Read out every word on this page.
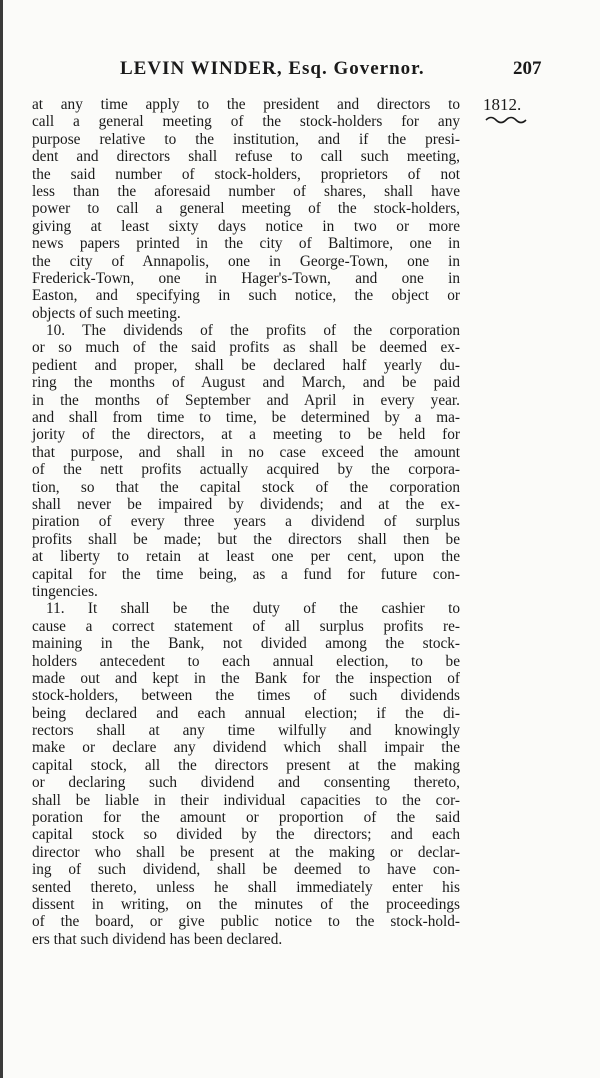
LEVIN WINDER, Esq. Governor.	207
1812.
at any time apply to the president and directors to
call a general meeting of the stock-holders for any
purpose relative to the institution, and if the presi-
dent and directors shall refuse to call such meeting,
the said number of stock-holders, proprietors of not
less than the aforesaid number of shares, shall have
power to call a general meeting of the stock-holders,
giving at least sixty days notice in two or more
news papers printed in the city of Baltimore, one in
the city of Annapolis, one in George-Town, one in
Frederick-Town, one in Hager's-Town, and one in
Easton, and specifying in such notice, the object or
objects of such meeting.
10. The dividends of the profits of the corporation
or so much of the said profits as shall be deemed ex-
pedient and proper, shall be declared half yearly du-
ring the months of August and March, and be paid
in the months of September and April in every year.
and shall from time to time, be determined by a ma-
jority of the directors, at a meeting to be held for
that purpose, and shall in no case exceed the amount
of the nett profits actually acquired by the corpora-
tion, so that the capital stock of the corporation
shall never be impaired by dividends; and at the ex-
piration of every three years a dividend of surplus
profits shall be made; but the directors shall then be
at liberty to retain at least one per cent, upon the
capital for the time being, as a fund for future con-
tingencies.
11. It shall be the duty of the cashier to
cause a correct statement of all surplus profits re-
maining in the Bank, not divided among the stock-
holders antecedent to each annual election, to be
made out and kept in the Bank for the inspection of
stock-holders, between the times of such dividends
being declared and each annual election; if the di-
rectors shall at any time wilfully and knowingly
make or declare any dividend which shall impair the
capital stock, all the directors present at the making
or declaring such dividend and consenting thereto,
shall be liable in their individual capacities to the cor-
poration for the amount or proportion of the said
capital stock so divided by the directors; and each
director who shall be present at the making or declar-
ing of such dividend, shall be deemed to have con-
sented thereto, unless he shall immediately enter his
dissent in writing, on the minutes of the proceedings
of the board, or give public notice to the stock-hold-
ers that such dividend has been declared.
